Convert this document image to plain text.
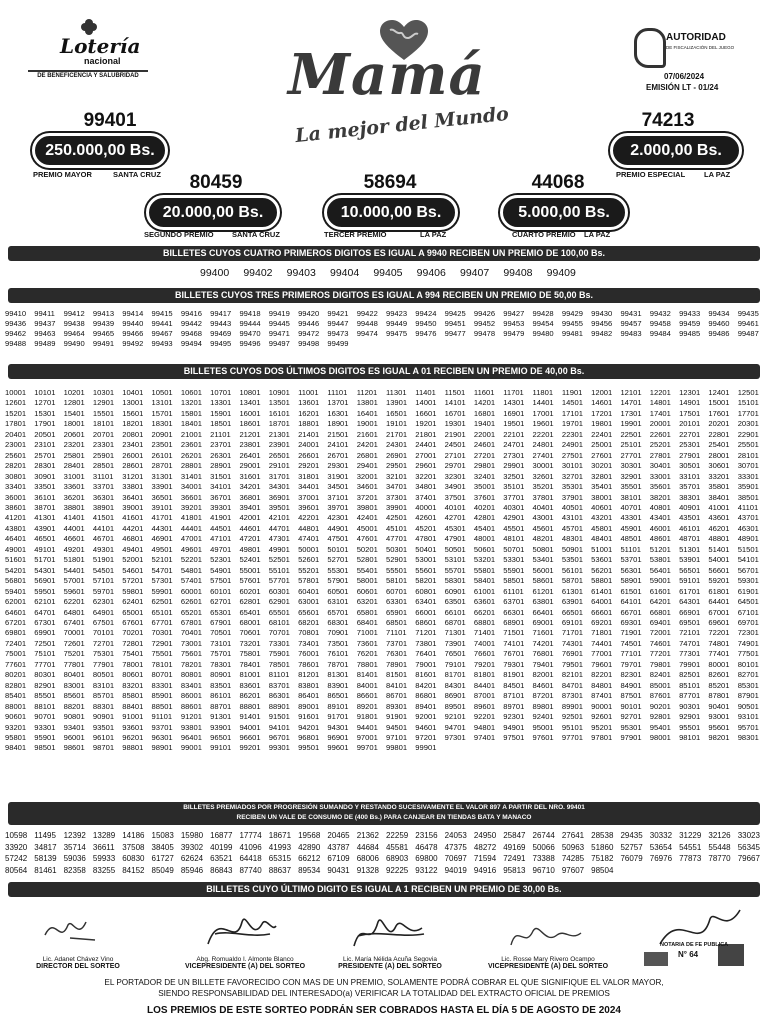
Lotería
nacional
DE BENEFICENCIA Y SALUBRIDAD	Mamá
La mejor del Mundo
AUTORIDAD
DE FISCALIZACIÓN DEL JUEGO
07/06/2024
EMISIÓN LT - 01/24
99401
250.000,00 Bs.
PREMIO MAYOR	SANTA CRUZ
74213
2.000,00 Bs.
PREMIO ESPECIAL	LA PAZ
80459
20.000,00 Bs.
SEGUNDO PREMIO SANTA CRUZ
58694
10.000,00 Bs.
TERCER PREMIO	LA PAZ
44068
5.000,00 Bs.
CUARTO PREMIO LA PAZ
BILLETES CUYOS CUATRO PRIMEROS DIGITOS ES IGUAL A 9940 RECIBEN UN PREMIO DE 100,00 Bs.
99400	99402	99403	99404	99405	99406	99407	99408	99409
BILLETES CUYOS TRES PRIMEROS DIGITOS ES IGUAL A 994 RECIBEN UN PREMIO DE 50,00 Bs.
99410	99411	99412	99413	99414	99415	99416	99417	99418	99419	99420	99421	99422	99423	99424	99425	99426	99427	99428	99429	99430	99431	99432	99433	99434	99435
99436	99437	99438	99439	99440	99441	99442	99443	99444	99445	99446	99447	99448	99449	99450	99451	99452	99453	99454	99455	99456	99457	99458	99459	99460	99461
99462	99463	99464	99465	99466	99467	99468	99469	99470	99471	99472	99473	99474	99475	99476	99477	99478	99479	99480	99481	99482	99483	99484	99485	99486	99487
99488	99489	99490	99491	99492	99493	99494	99495	99496	99497	99498	99499
BILLETES CUYOS DOS ÚLTIMOS DIGITOS ES IGUAL A 01 RECIBEN UN PREMIO DE 40,00 Bs.
10001	10101	10201	10301	10401	10501	10601	10701	10801	10901	11001	11101	11201	11301	11401	11501	11601	11701	11801	11901	12001	12101	12201	12301	12401	12501
12601	12701	12801	12901	13001	13101	13201	13301	13401	13501	13601	13701	13801	13901	14001	14101	14201	14301	14401	14501	14601	14701	14801	14901	15001	15101
15201	15301	15401	15501	15601	15701	15801	15901	16001	16101	16201	16301	16401	16501	16601	16701	16801	16901	17001	17101	17201	17301	17401	17501	17601	17701
17801	17901	18001	18101	18201	18301	18401	18501	18601	18701	18801	18901	19001	19101	19201	19301	19401	19501	19601	19701	19801	19901	20001	20101	20201	20301
20401	20501	20601	20701	20801	20901	21001	21101	21201	21301	21401	21501	21601	21701	21801	21901	22001	22101	22201	22301	22401	22501	22601	22701	22801	22901
23001	23101	23201	23301	23401	23501	23601	23701	23801	23901	24001	24101	24201	24301	24401	24501	24601	24701	24801	24901	25001	25101	25201	25301	25401	25501
25601	25701	25801	25901	26001	26101	26201	26301	26401	26501	26601	26701	26801	26901	27001	27101	27201	27301	27401	27501	27601	27701	27801	27901	28001	28101
28201	28301	28401	28501	28601	28701	28801	28901	29001	29101	29201	29301	29401	29501	29601	29701	29801	29901	30001	30101	30201	30301	30401	30501	30601	30701
30801	30901	31001	31101	31201	31301	31401	31501	31601	31701	31801	31901	32001	32101	32201	32301	32401	32501	32601	32701	32801	32901	33001	33101	33201	33301
33401	33501	33601	33701	33801	33901	34001	34101	34201	34301	34401	34501	34601	34701	34801	34901	35001	35101	35201	35301	35401	35501	35601	35701	35801	35901
36001	36101	36201	36301	36401	36501	36601	36701	36801	36901	37001	37101	37201	37301	37401	37501	37601	37701	37801	37901	38001	38101	38201	38301	38401	38501
38601	38701	38801	38901	39001	39101	39201	39301	39401	39501	39601	39701	39801	39901	40001	40101	40201	40301	40401	40501	40601	40701	40801	40901	41001	41101
41201	41301	41401	41501	41601	41701	41801	41901	42001	42101	42201	42301	42401	42501	42601	42701	42801	42901	43001	43101	43201	43301	43401	43501	43601	43701
43801	43901	44001	44101	44201	44301	44401	44501	44601	44701	44801	44901	45001	45101	45201	45301	45401	45501	45601	45701	45801	45901	46001	46101	46201	46301
46401	46501	46601	46701	46801	46901	47001	47101	47201	47301	47401	47501	47601	47701	47801	47901	48001	48101	48201	48301	48401	48501	48601	48701	48801	48901
49001	49101	49201	49301	49401	49501	49601	49701	49801	49901	50001	50101	50201	50301	50401	50501	50601	50701	50801	50901	51001	51101	51201	51301	51401	51501
51601	51701	51801	51901	52001	52101	52201	52301	52401	52501	52601	52701	52801	52901	53001	53101	53201	53301	53401	53501	53601	53701	53801	53901	54001	54101
54201	54301	54401	54501	54601	54701	54801	54901	55001	55101	55201	55301	55401	55501	55601	55701	55801	55901	56001	56101	56201	56301	56401	56501	56601	56701
56801	56901	57001	57101	57201	57301	57401	57501	57601	57701	57801	57901	58001	58101	58201	58301	58401	58501	58601	58701	58801	58901	59001	59101	59201	59301
59401	59501	59601	59701	59801	59901	60001	60101	60201	60301	60401	60501	60601	60701	60801	60901	61001	61101	61201	61301	61401	61501	61601	61701	61801	61901
62001	62101	62201	62301	62401	62501	62601	62701	62801	62901	63001	63101	63201	63301	63401	63501	63601	63701	63801	63901	64001	64101	64201	64301	64401	64501
64601	64701	64801	64901	65001	65101	65201	65301	65401	65501	65601	65701	65801	65901	66001	66101	66201	66301	66401	66501	66601	66701	66801	66901	67001	67101
67201	67301	67401	67501	67601	67701	67801	67901	68001	68101	68201	68301	68401	68501	68601	68701	68801	68901	69001	69101	69201	69301	69401	69501	69601	69701
69801	69901	70001	70101	70201	70301	70401	70501	70601	70701	70801	70901	71001	71101	71201	71301	71401	71501	71601	71701	71801	71901	72001	72101	72201	72301
72401	72501	72601	72701	72801	72901	73001	73101	73201	73301	73401	73501	73601	73701	73801	73901	74001	74101	74201	74301	74401	74501	74601	74701	74801	74901
75001	75101	75201	75301	75401	75501	75601	75701	75801	75901	76001	76101	76201	76301	76401	76501	76601	76701	76801	76901	77001	77101	77201	77301	77401	77501
77601	77701	77801	77901	78001	78101	78201	78301	78401	78501	78601	78701	78801	78901	79001	79101	79201	79301	79401	79501	79601	79701	79801	79901	80001	80101
80201	80301	80401	80501	80601	80701	80801	80901	81001	81101	81201	81301	81401	81501	81601	81701	81801	81901	82001	82101	82201	82301	82401	82501	82601	82701
82801	82901	83001	83101	83201	83301	83401	83501	83601	83701	83801	83901	84001	84101	84201	84301	84401	84501	84601	84701	84801	84901	85001	85101	85201	85301
85401	85501	85601	85701	85801	85901	86001	86101	86201	86301	86401	86501	86601	86701	86801	86901	87001	87101	87201	87301	87401	87501	87601	87701	87801	87901
88001	88101	88201	88301	88401	88501	88601	88701	88801	88901	89001	89101	89201	89301	89401	89501	89601	89701	89801	89901	90001	90101	90201	90301	90401	90501
90601	90701	90801	90901	91001	91101	91201	91301	91401	91501	91601	91701	91801	91901	92001	92101	92201	92301	92401	92501	92601	92701	92801	92901	93001	93101
93201	93301	93401	93501	93601	93701	93801	93901	94001	94101	94201	94301	94401	94501	94601	94701	94801	94901	95001	95101	95201	95301	95401	95501	95601	95701
95801	95901	96001	96101	96201	96301	96401	96501	96601	96701	96801	96901	97001	97101	97201	97301	97401	97501	97601	97701	97801	97901	98001	98101	98201	98301
98401	98501	98601	98701	98801	98901	99001	99101	99201	99301	99501	99601	99701	99801	99901
BILLETES PREMIADOS POR PROGRESIÓN SUMANDO Y RESTANDO SUCESIVAMENTE EL VALOR 897 A PARTIR DEL NRO. 99401
RECIBEN UN VALE DE CONSUMO DE (400 Bs.) PARA CANJEAR EN TIENDAS BATA Y MANACO
10598 11495 12392 13289 14186 15083 15980 16877 17774 18671 19568 20465 21362 22259 23156 24053 24950 25847 26744 27641 28538 29435 30332 31229 32126 33023
33920 34817 35714 36611 37508 38405 39302 40199 41096 41993 42890 43787 44684 45581 46478 47375 48272 49169 50066 50963 51860 52757 53654 54551 55448 56345
57242 58139 59036 59933 60830 61727 62624 63521 64418 65315 66212 67109 68006 68903 69800 70697 71594 72491 73388 74285 75182 76079 76976 77873 78770 79667
80564 81461 82358 83255 84152 85049 85946 86843 87740 88637 89534 90431 91328 92225 93122 94019 94916 95813 96710 97607 98504
BILLETES CUYO ÚLTIMO DIGITO ES IGUAL A 1 RECIBEN UN PREMIO DE 30,00 Bs.
Lic. Adanet Chávez Vino
DIRECTOR DEL SORTEO
Abg. Romualdo I. Almonte Blanco
VICEPRESIDENTE (A) DEL SORTEO
Lic. María Nélida Acuña Segovia
PRESIDENTE (A) DEL SORTEO
Lic. Rosse Mary Rivero Ocampo
VICEPRESIDENTE (A) DEL SORTEO
NOTARIA DE FE PUBLICA
N° 64
EL PORTADOR DE UN BILLETE FAVORECIDO CON MAS DE UN PREMIO, SOLAMENTE PODRÁ COBRAR EL QUE SIGNIFIQUE EL VALOR MAYOR,
SIENDO RESPONSABILIDAD DEL INTERESADO(a) VERIFICAR LA TOTALIDAD DEL EXTRACTO OFICIAL DE PREMIOS
LOS PREMIOS DE ESTE SORTEO PODRÁN SER COBRADOS HASTA EL DÍA 5 DE AGOSTO DE 2024
